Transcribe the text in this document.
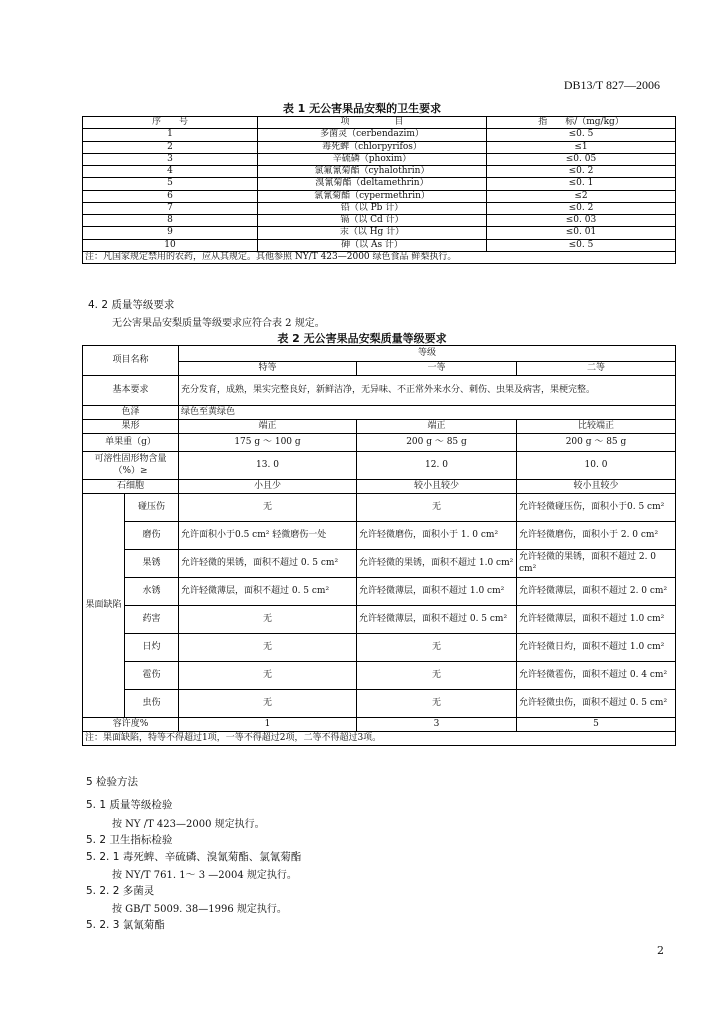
DB13/T 827—2006
表 1 无公害果品安梨的卫生要求
序　　号	项　　　　　目	指　　标/（mg/kg）
1	多菌灵（cerbendazim）	≤0. 5
2	毒死蜱（chlorpyrifos）	≤1
3	辛硫磷（phoxim）	≤0. 05
4	氯氟氰菊酯（cyhalothrin）	≤0. 2
5	溴氰菊酯（deltamethrin）	≤0. 1
6	氯氰菊酯（cypermethrin）	≤2
7	铅（以 Pb 计）	≤0. 2
8	镉（以 Cd 计）	≤0. 03
9	汞（以 Hg 计）	≤0. 01
10	砷（以 As 计）	≤0. 5
注：凡国家规定禁用的农药，应从其规定。其他参照 NY/T 423—2000 绿色食品 鲜梨执行。		
4. 2 质量等级要求
无公害果品安梨质量等级要求应符合表 2 规定。
表 2 无公害果品安梨质量等级要求
项目名称		等级		
		特等	一等	二等
基本要求		充分发育，成熟，果实完整良好，新鲜洁净，无异味、不正常外来水分、刺伤、虫果及病害，果梗完整。		
色泽		绿色至黄绿色		
果形		端正	端正	比较端正
单果重（g）		175 g ～ 100 g	200 g ～ 85 g	200 g ～ 85 g
可溶性固形物含量（%）≥		13. 0	12. 0	10. 0
石细胞		小且少	较小且较少	较小且较少
果面缺陷	碰压伤	无	无	允许轻微碰压伤，面积小于0. 5 cm²
	磨伤	允许面积小于0.5 cm² 轻微磨伤一处	允许轻微磨伤，面积小于 1. 0 cm²	允许轻微磨伤，面积小于 2. 0 cm²
	果锈	允许轻微的果锈，面积不超过 0. 5 cm²	允许轻微的果锈，面积不超过 1.0 cm²	允许轻微的果锈，面积不超过 2. 0 cm²
	水锈	允许轻微薄层，面积不超过 0. 5 cm²	允许轻微薄层，面积不超过 1.0 cm²	允许轻微薄层，面积不超过 2. 0 cm²
	药害	无	允许轻微薄层，面积不超过 0. 5 cm²	允许轻微薄层，面积不超过 1.0 cm²
	日灼	无	无	允许轻微日灼，面积不超过 1.0 cm²
	雹伤	无	无	允许轻微雹伤，面积不超过 0. 4 cm²
	虫伤	无	无	允许轻微虫伤，面积不超过 0. 5 cm²
容许度%		1	3	5
注：果面缺陷，特等不得超过1项，一等不得超过2项，二等不得超过3项。				
5 检验方法
5. 1 质量等级检验
按 NY /T 423—2000 规定执行。
5. 2 卫生指标检验
5. 2. 1 毒死蜱、辛硫磷、溴氰菊酯、氯氰菊酯
按 NY/T 761. 1～ 3 —2004 规定执行。
5. 2. 2 多菌灵
按 GB/T 5009. 38—1996 规定执行。
5. 2. 3 氯氰菊酯
2
